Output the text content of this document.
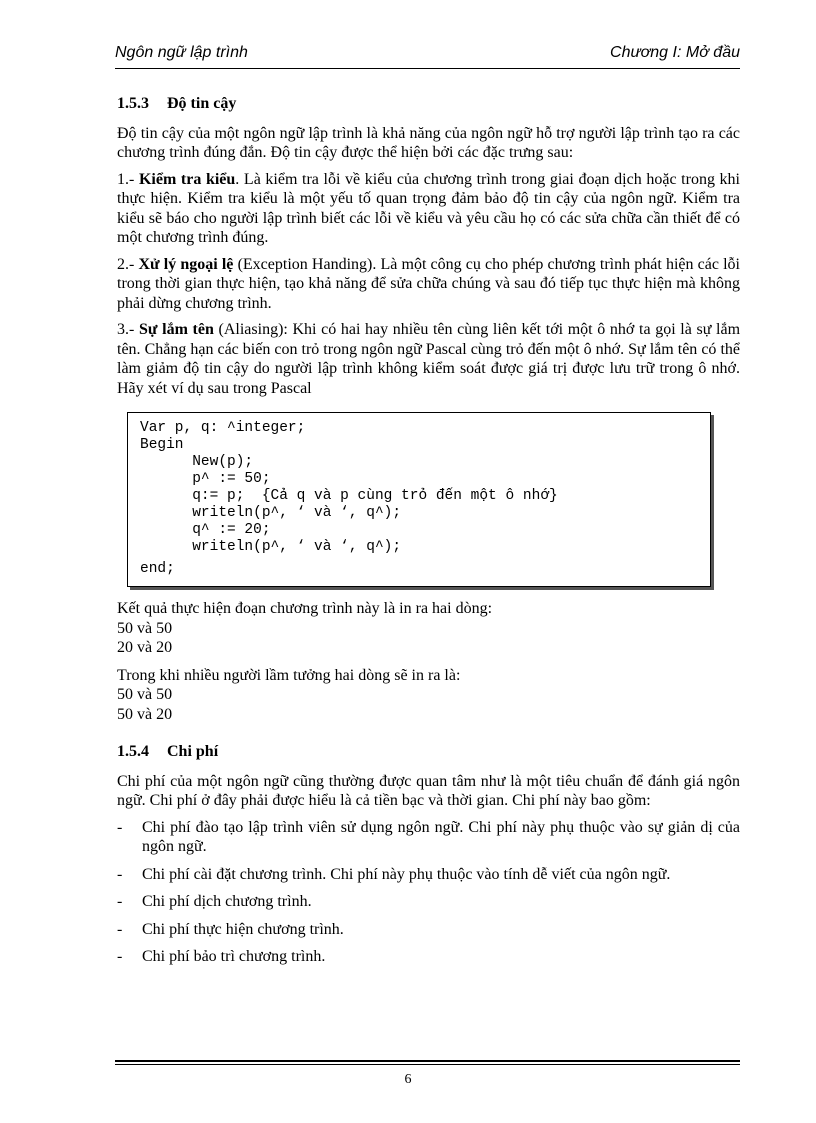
Ngôn ngữ lập trình	Chương I: Mở đầu
1.5.3 Độ tin cậy

Độ tin cậy của một ngôn ngữ lập trình là khả năng của ngôn ngữ hỗ trợ người lập trình tạo ra các chương trình đúng đắn. Độ tin cậy được thể hiện bởi các đặc trưng sau:

1.- Kiểm tra kiểu. Là kiểm tra lỗi về kiểu của chương trình trong giai đoạn dịch hoặc trong khi thực hiện. Kiểm tra kiểu là một yếu tố quan trọng đảm bảo độ tin cậy của ngôn ngữ. Kiểm tra kiểu sẽ báo cho người lập trình biết các lỗi về kiểu và yêu cầu họ có các sửa chữa cần thiết để có một chương trình đúng.

2.- Xử lý ngoại lệ (Exception Handing). Là một công cụ cho phép chương trình phát hiện các lỗi trong thời gian thực hiện, tạo khả năng để sửa chữa chúng và sau đó tiếp tục thực hiện mà không phải dừng chương trình.

3.- Sự lắm tên (Aliasing): Khi có hai hay nhiều tên cùng liên kết tới một ô nhớ ta gọi là sự lắm tên. Chẳng hạn các biến con trỏ trong ngôn ngữ Pascal cùng trỏ đến một ô nhớ. Sự lắm tên có thể làm giảm độ tin cậy do người lập trình không kiểm soát được giá trị được lưu trữ trong ô nhớ. Hãy xét ví dụ sau trong Pascal

Var p, q: ^integer;
Begin
New(p);
p^ := 50;
q:= p;  {Cả q và p cùng trỏ đến một ô nhớ}
writeln(p^, ‘ và ‘, q^);
q^ := 20;
writeln(p^, ‘ và ‘, q^);
end;
Kết quả thực hiện đoạn chương trình này là in ra hai dòng:
50 và 50
20 và 20
Trong khi nhiều người lầm tưởng hai dòng sẽ in ra là:
50 và 50
50 và 20
1.5.4 Chi phí

Chi phí của một ngôn ngữ cũng thường được quan tâm như là một tiêu chuẩn để đánh giá ngôn ngữ. Chi phí ở đây phải được hiểu là cả tiền bạc và thời gian. Chi phí này bao gồm:

- Chi phí đào tạo lập trình viên sử dụng ngôn ngữ. Chi phí này phụ thuộc vào sự giản dị của ngôn ngữ.
- Chi phí cài đặt chương trình. Chi phí này phụ thuộc vào tính dễ viết của ngôn ngữ.
- Chi phí dịch chương trình.
- Chi phí thực hiện chương trình.
- Chi phí bảo trì chương trình.
6
